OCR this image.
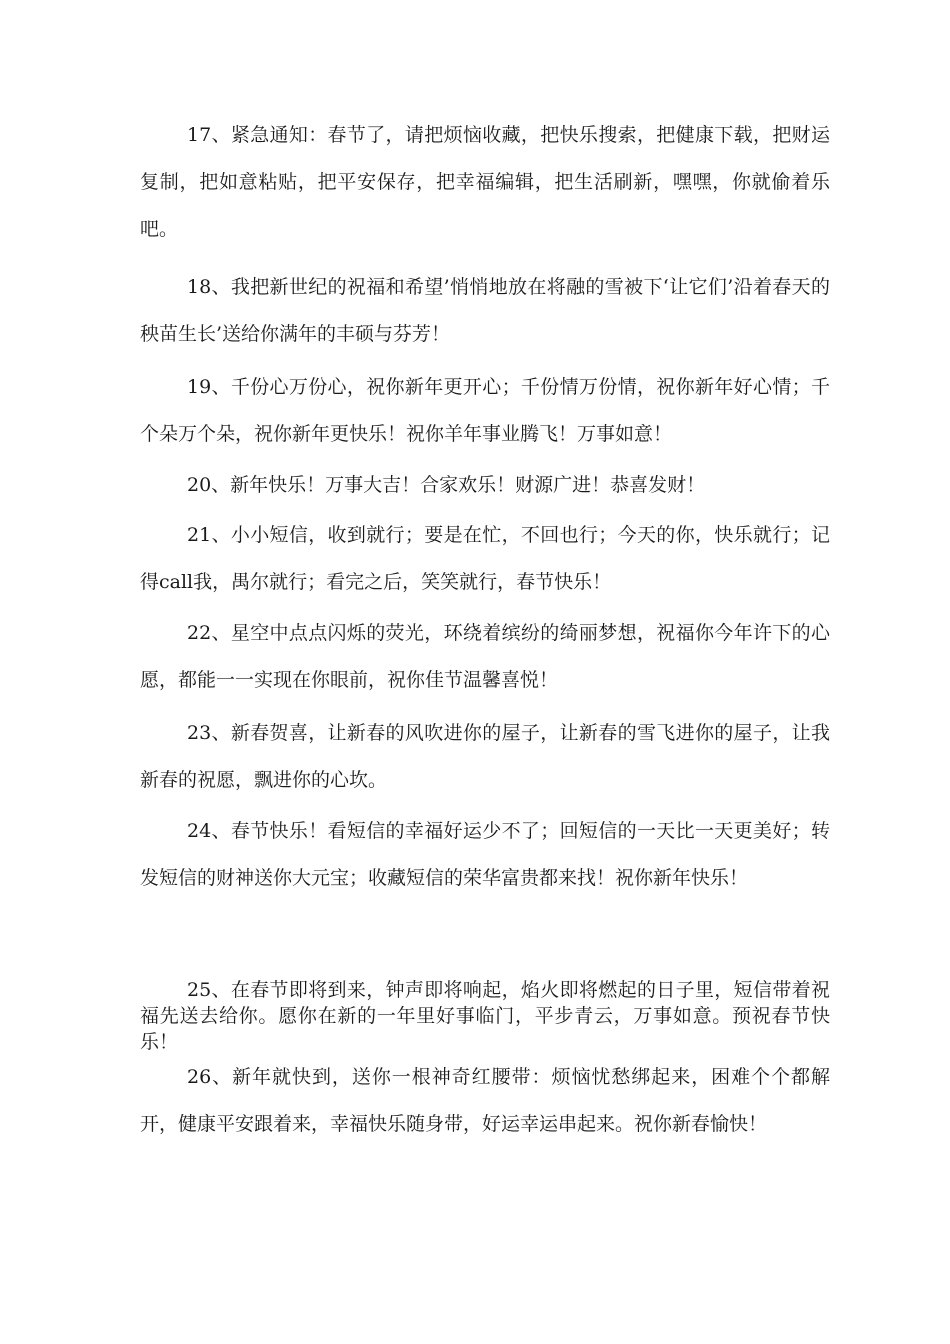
17、紧急通知：春节了，请把烦恼收藏，把快乐搜索，把健康下载，把财运复制，把如意粘贴，把平安保存，把幸福编辑，把生活刷新，嘿嘿，你就偷着乐吧。

18、我把新世纪的祝福和希望’悄悄地放在将融的雪被下‘让它们’沿着春天的秧苗生长’送给你满年的丰硕与芬芳！

19、千份心万份心，祝你新年更开心；千份情万份情，祝你新年好心情；千个朵万个朵，祝你新年更快乐！祝你羊年事业腾飞！万事如意！

20、新年快乐！万事大吉！合家欢乐！财源广进！恭喜发财！

21、小小短信，收到就行；要是在忙，不回也行；今天的你，快乐就行；记得call我，禺尔就行；看完之后，笑笑就行，春节快乐！

22、星空中点点闪烁的荧光，环绕着缤纷的绮丽梦想，祝福你今年许下的心愿，都能一一实现在你眼前，祝你佳节温馨喜悦！

23、新春贺喜，让新春的风吹进你的屋子，让新春的雪飞进你的屋子，让我新春的祝愿，飘进你的心坎。

24、春节快乐！看短信的幸福好运少不了；回短信的一天比一天更美好；转发短信的财神送你大元宝；收藏短信的荣华富贵都来找！祝你新年快乐！

25、在春节即将到来，钟声即将响起，焰火即将燃起的日子里，短信带着祝福先送去给你。愿你在新的一年里好事临门，平步青云，万事如意。预祝春节快乐！

26、新年就快到，送你一根神奇红腰带：烦恼忧愁绑起来，困难个个都解开，健康平安跟着来，幸福快乐随身带，好运幸运串起来。祝你新春愉快！
